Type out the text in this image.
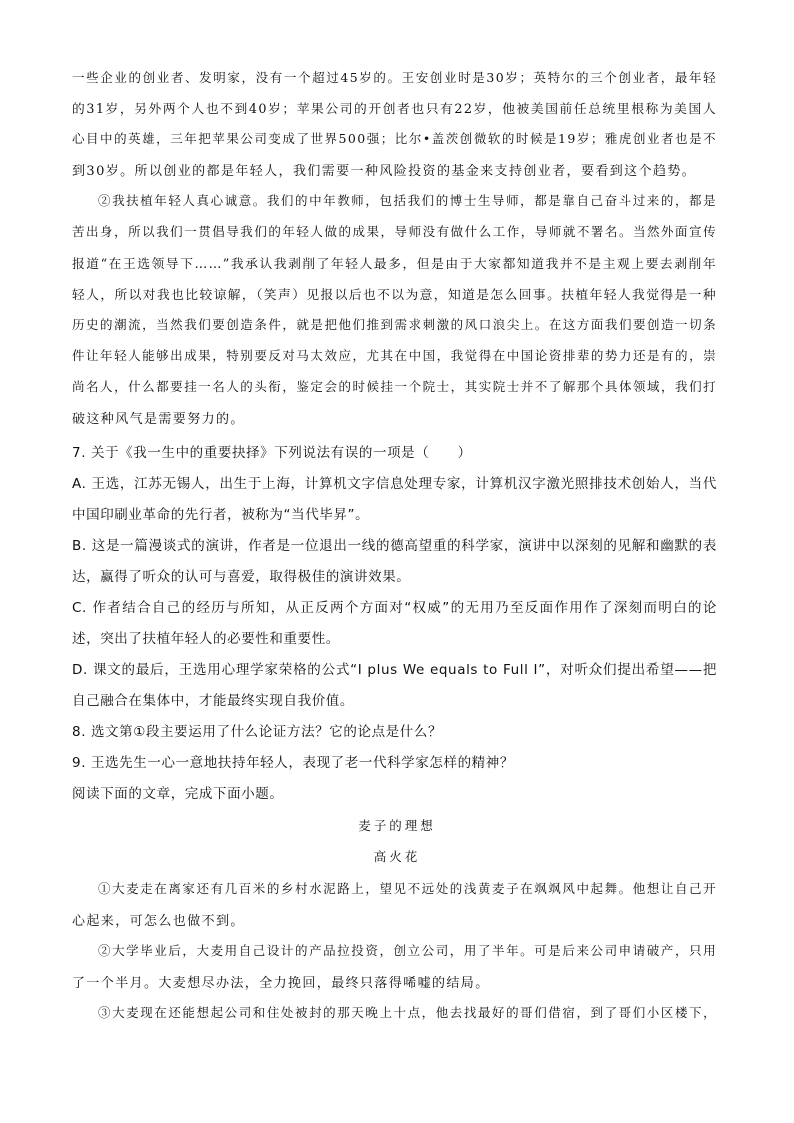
一些企业的创业者、发明家，没有一个超过45岁的。王安创业时是30岁；英特尔的三个创业者，最年轻

的31岁，另外两个人也不到40岁；苹果公司的开创者也只有22岁，他被美国前任总统里根称为美国人

心目中的英雄，三年把苹果公司变成了世界500强；比尔•盖茨创微软的时候是19岁；雅虎创业者也是不

到30岁。所以创业的都是年轻人，我们需要一种风险投资的基金来支持创业者，要看到这个趋势。

②我扶植年轻人真心诚意。我们的中年教师，包括我们的博士生导师，都是靠自己奋斗过来的，都是

苦出身，所以我们一贯倡导我们的年轻人做的成果，导师没有做什么工作，导师就不署名。当然外面宣传

报道“在王选领导下……”我承认我剥削了年轻人最多，但是由于大家都知道我并不是主观上要去剥削年

轻人，所以对我也比较谅解，（笑声）见报以后也不以为意，知道是怎么回事。扶植年轻人我觉得是一种

历史的潮流，当然我们要创造条件，就是把他们推到需求刺激的风口浪尖上。在这方面我们要创造一切条

件让年轻人能够出成果，特别要反对马太效应，尤其在中国，我觉得在中国论资排辈的势力还是有的，崇

尚名人，什么都要挂一名人的头衔，鉴定会的时候挂一个院士，其实院士并不了解那个具体领域，我们打

破这种风气是需要努力的。

7. 关于《我一生中的重要抉择》下列说法有误的一项是（　　）

A. 王选，江苏无锡人，出生于上海，计算机文字信息处理专家，计算机汉字激光照排技术创始人，当代

中国印刷业革命的先行者，被称为“当代毕昇”。

B. 这是一篇漫谈式的演讲，作者是一位退出一线的德高望重的科学家，演讲中以深刻的见解和幽默的表

达，赢得了听众的认可与喜爱，取得极佳的演讲效果。

C. 作者结合自己的经历与所知，从正反两个方面对“权威”的无用乃至反面作用作了深刻而明白的论

述，突出了扶植年轻人的必要性和重要性。

D. 课文的最后，王选用心理学家荣格的公式“I plus We equals to Full I”，对听众们提出希望——把

自己融合在集体中，才能最终实现自我价值。

8. 选文第①段主要运用了什么论证方法？它的论点是什么？

9. 王选先生一心一意地扶持年轻人，表现了老一代科学家怎样的精神？

阅读下面的文章，完成下面小题。

麦子的理想

高火花

①大麦走在离家还有几百米的乡村水泥路上，望见不远处的浅黄麦子在飒飒风中起舞。他想让自己开

心起来，可怎么也做不到。

②大学毕业后，大麦用自己设计的产品拉投资，创立公司，用了半年。可是后来公司申请破产，只用

了一个半月。大麦想尽办法，全力挽回，最终只落得唏嘘的结局。

③大麦现在还能想起公司和住处被封的那天晚上十点，他去找最好的哥们借宿，到了哥们小区楼下，
